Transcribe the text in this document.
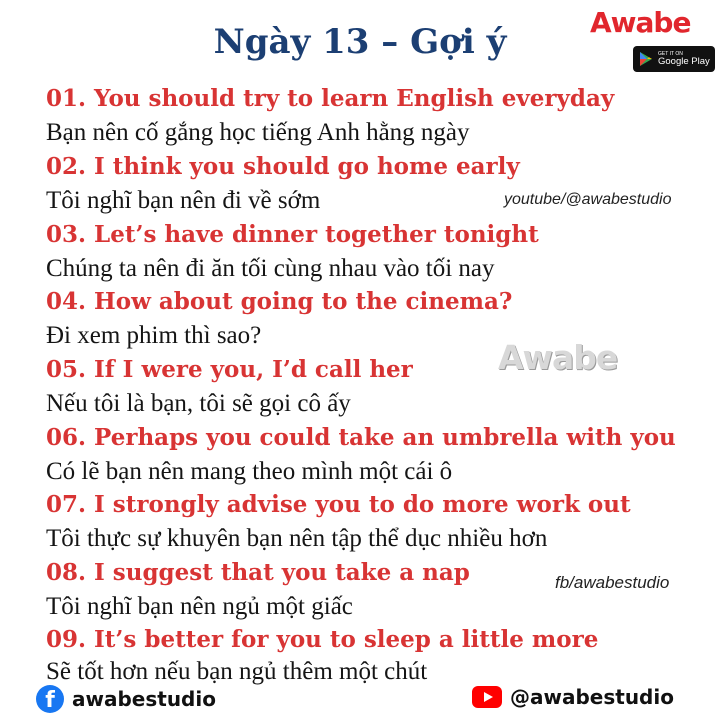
Ngày 13 – Gợi ý	Awabe
GET IT ON
Google Play
01. You should try to learn English everyday
Bạn nên cố gắng học tiếng Anh hằng ngày
02. I think you should go home early
Tôi nghĩ bạn nên đi về sớm
03. Let’s have dinner together tonight
Chúng ta nên đi ăn tối cùng nhau vào tối nay
04. How about going to the cinema?
Đi xem phim thì sao?
05. If I were you, I’d call her
Nếu tôi là bạn, tôi sẽ gọi cô ấy
06. Perhaps you could take an umbrella with you
Có lẽ bạn nên mang theo mình một cái ô
07. I strongly advise you to do more work out
Tôi thực sự khuyên bạn nên tập thể dục nhiều hơn
08. I suggest that you take a nap
Tôi nghĩ bạn nên ngủ một giấc
09. It’s better for you to sleep a little more
Sẽ tốt hơn nếu bạn ngủ thêm một chút
youtube/@awabestudio
fb/awabestudio
Awabe
f awabestudio	@awabestudio
